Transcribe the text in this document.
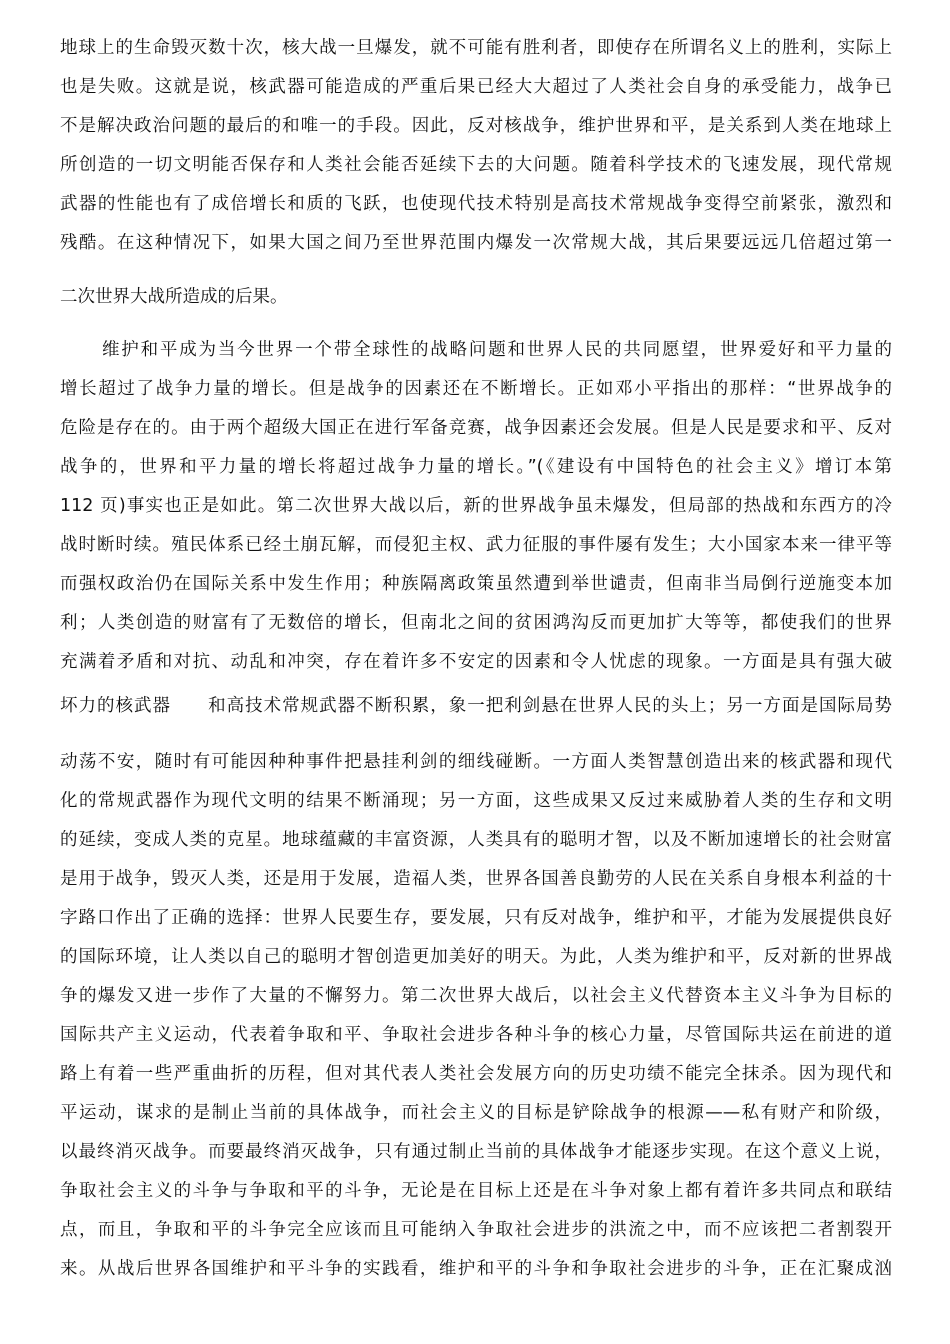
地球上的生命毁灭数十次，核大战一旦爆发，就不可能有胜利者，即使存在所谓名义上的胜利，实际上
也是失败。这就是说，核武器可能造成的严重后果已经大大超过了人类社会自身的承受能力，战争已
不是解决政治问题的最后的和唯一的手段。因此，反对核战争，维护世界和平，是关系到人类在地球上
所创造的一切文明能否保存和人类社会能否延续下去的大问题。随着科学技术的飞速发展，现代常规
武器的性能也有了成倍增长和质的飞跃，也使现代技术特别是高技术常规战争变得空前紧张，激烈和
残酷。在这种情况下，如果大国之间乃至世界范围内爆发一次常规大战，其后果要远远几倍超过第一
二次世界大战所造成的后果。
维护和平成为当今世界一个带全球性的战略问题和世界人民的共同愿望，世界爱好和平力量的
增长超过了战争力量的增长。但是战争的因素还在不断增长。正如邓小平指出的那样：“世界战争的
危险是存在的。由于两个超级大国正在进行军备竞赛，战争因素还会发展。但是人民是要求和平、反对
战争的，世界和平力量的增长将超过战争力量的增长。”(《建设有中国特色的社会主义》增订本第
112 页)事实也正是如此。第二次世界大战以后，新的世界战争虽未爆发，但局部的热战和东西方的冷
战时断时续。殖民体系已经土崩瓦解，而侵犯主权、武力征服的事件屡有发生；大小国家本来一律平等
而强权政治仍在国际关系中发生作用；种族隔离政策虽然遭到举世谴责，但南非当局倒行逆施变本加
利；人类创造的财富有了无数倍的增长，但南北之间的贫困鸿沟反而更加扩大等等，都使我们的世界
充满着矛盾和对抗、动乱和冲突，存在着许多不安定的因素和令人忧虑的现象。一方面是具有强大破
坏力的核武器　　和高技术常规武器不断积累，象一把利剑悬在世界人民的头上；另一方面是国际局势
动荡不安，随时有可能因种种事件把悬挂利剑的细线碰断。一方面人类智慧创造出来的核武器和现代
化的常规武器作为现代文明的结果不断涌现；另一方面，这些成果又反过来威胁着人类的生存和文明
的延续，变成人类的克星。地球蕴藏的丰富资源，人类具有的聪明才智，以及不断加速增长的社会财富
是用于战争，毁灭人类，还是用于发展，造福人类，世界各国善良勤劳的人民在关系自身根本利益的十
字路口作出了正确的选择：世界人民要生存，要发展，只有反对战争，维护和平，才能为发展提供良好
的国际环境，让人类以自己的聪明才智创造更加美好的明天。为此，人类为维护和平，反对新的世界战
争的爆发又进一步作了大量的不懈努力。第二次世界大战后，以社会主义代替资本主义斗争为目标的
国际共产主义运动，代表着争取和平、争取社会进步各种斗争的核心力量，尽管国际共运在前进的道
路上有着一些严重曲折的历程，但对其代表人类社会发展方向的历史功绩不能完全抹杀。因为现代和
平运动，谋求的是制止当前的具体战争，而社会主义的目标是铲除战争的根源——私有财产和阶级，
以最终消灭战争。而要最终消灭战争，只有通过制止当前的具体战争才能逐步实现。在这个意义上说，
争取社会主义的斗争与争取和平的斗争，无论是在目标上还是在斗争对象上都有着许多共同点和联结
点，而且，争取和平的斗争完全应该而且可能纳入争取社会进步的洪流之中，而不应该把二者割裂开
来。从战后世界各国维护和平斗争的实践看，维护和平的斗争和争取社会进步的斗争，正在汇聚成汹
